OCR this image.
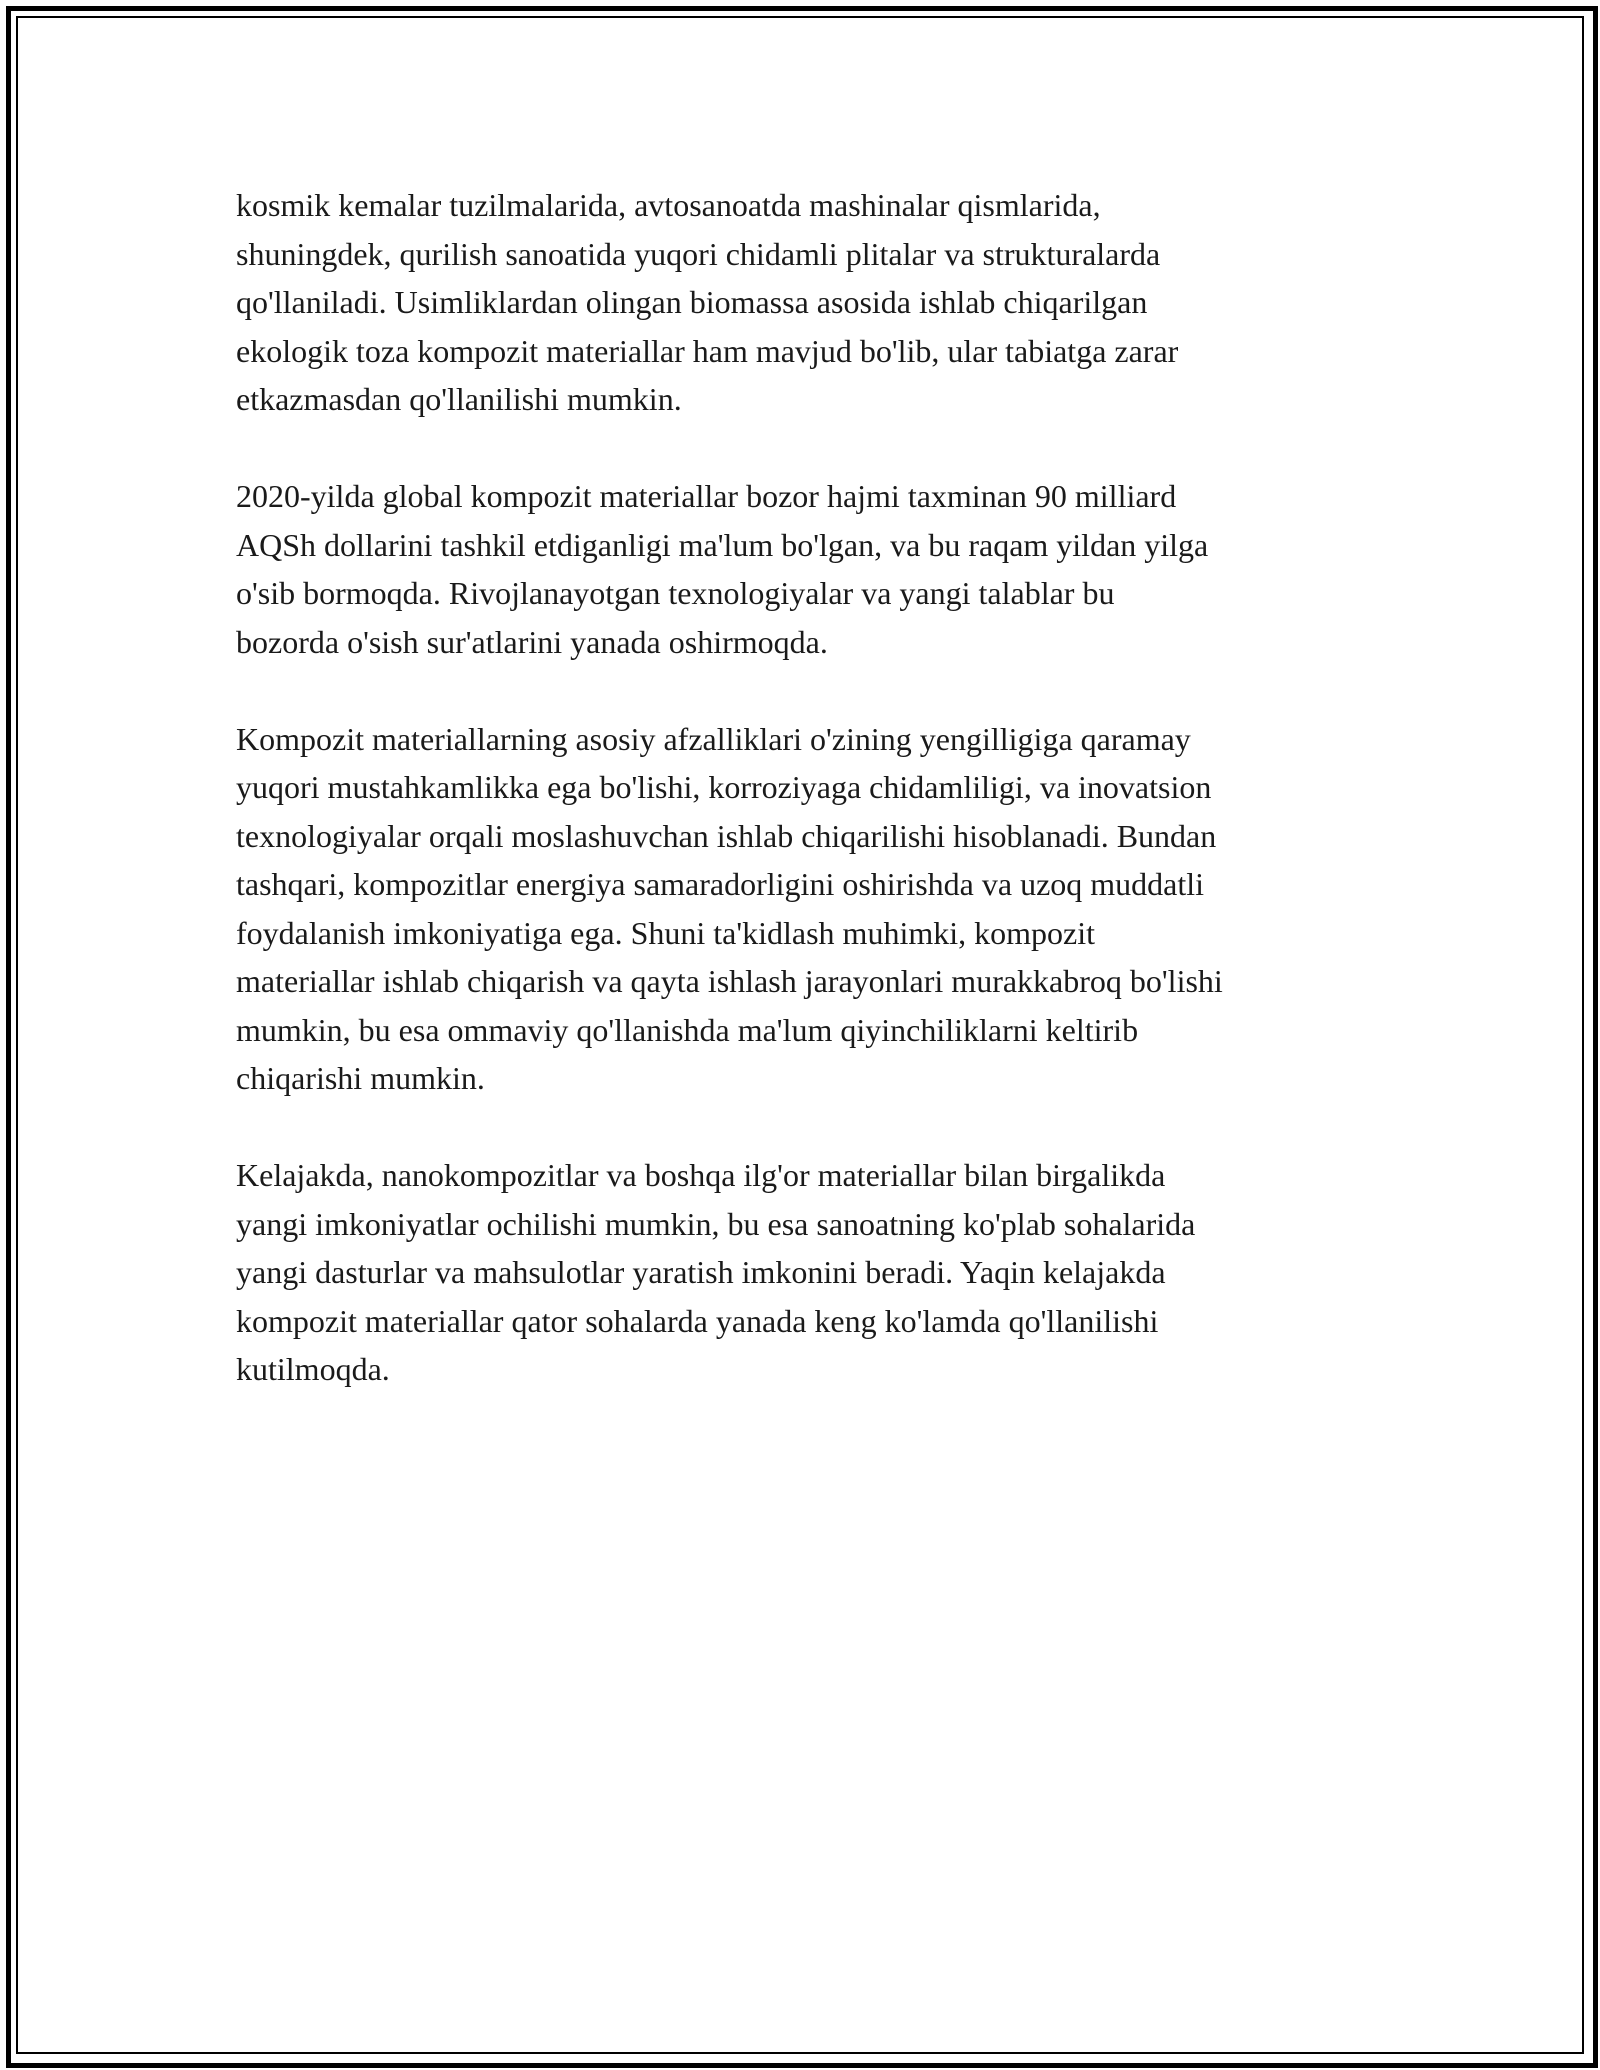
kosmik kemalar tuzilmalarida, avtosanoatda mashinalar qismlarida,
shuningdek, qurilish sanoatida yuqori chidamli plitalar va strukturalarda
qo'llaniladi. Usimliklardan olingan biomassa asosida ishlab chiqarilgan
ekologik toza kompozit materiallar ham mavjud bo'lib, ular tabiatga zarar
etkazmasdan qo'llanilishi mumkin.

2020-yilda global kompozit materiallar bozor hajmi taxminan 90 milliard
AQSh dollarini tashkil etdiganligi ma'lum bo'lgan, va bu raqam yildan yilga
o'sib bormoqda. Rivojlanayotgan texnologiyalar va yangi talablar bu
bozorda o'sish sur'atlarini yanada oshirmoqda.

Kompozit materiallarning asosiy afzalliklari o'zining yengilligiga qaramay
yuqori mustahkamlikka ega bo'lishi, korroziyaga chidamliligi, va inovatsion
texnologiyalar orqali moslashuvchan ishlab chiqarilishi hisoblanadi. Bundan
tashqari, kompozitlar energiya samaradorligini oshirishda va uzoq muddatli
foydalanish imkoniyatiga ega. Shuni ta'kidlash muhimki, kompozit
materiallar ishlab chiqarish va qayta ishlash jarayonlari murakkabroq bo'lishi
mumkin, bu esa ommaviy qo'llanishda ma'lum qiyinchiliklarni keltirib
chiqarishi mumkin.

Kelajakda, nanokompozitlar va boshqa ilg'or materiallar bilan birgalikda
yangi imkoniyatlar ochilishi mumkin, bu esa sanoatning ko'plab sohalarida
yangi dasturlar va mahsulotlar yaratish imkonini beradi. Yaqin kelajakda
kompozit materiallar qator sohalarda yanada keng ko'lamda qo'llanilishi
kutilmoqda.
